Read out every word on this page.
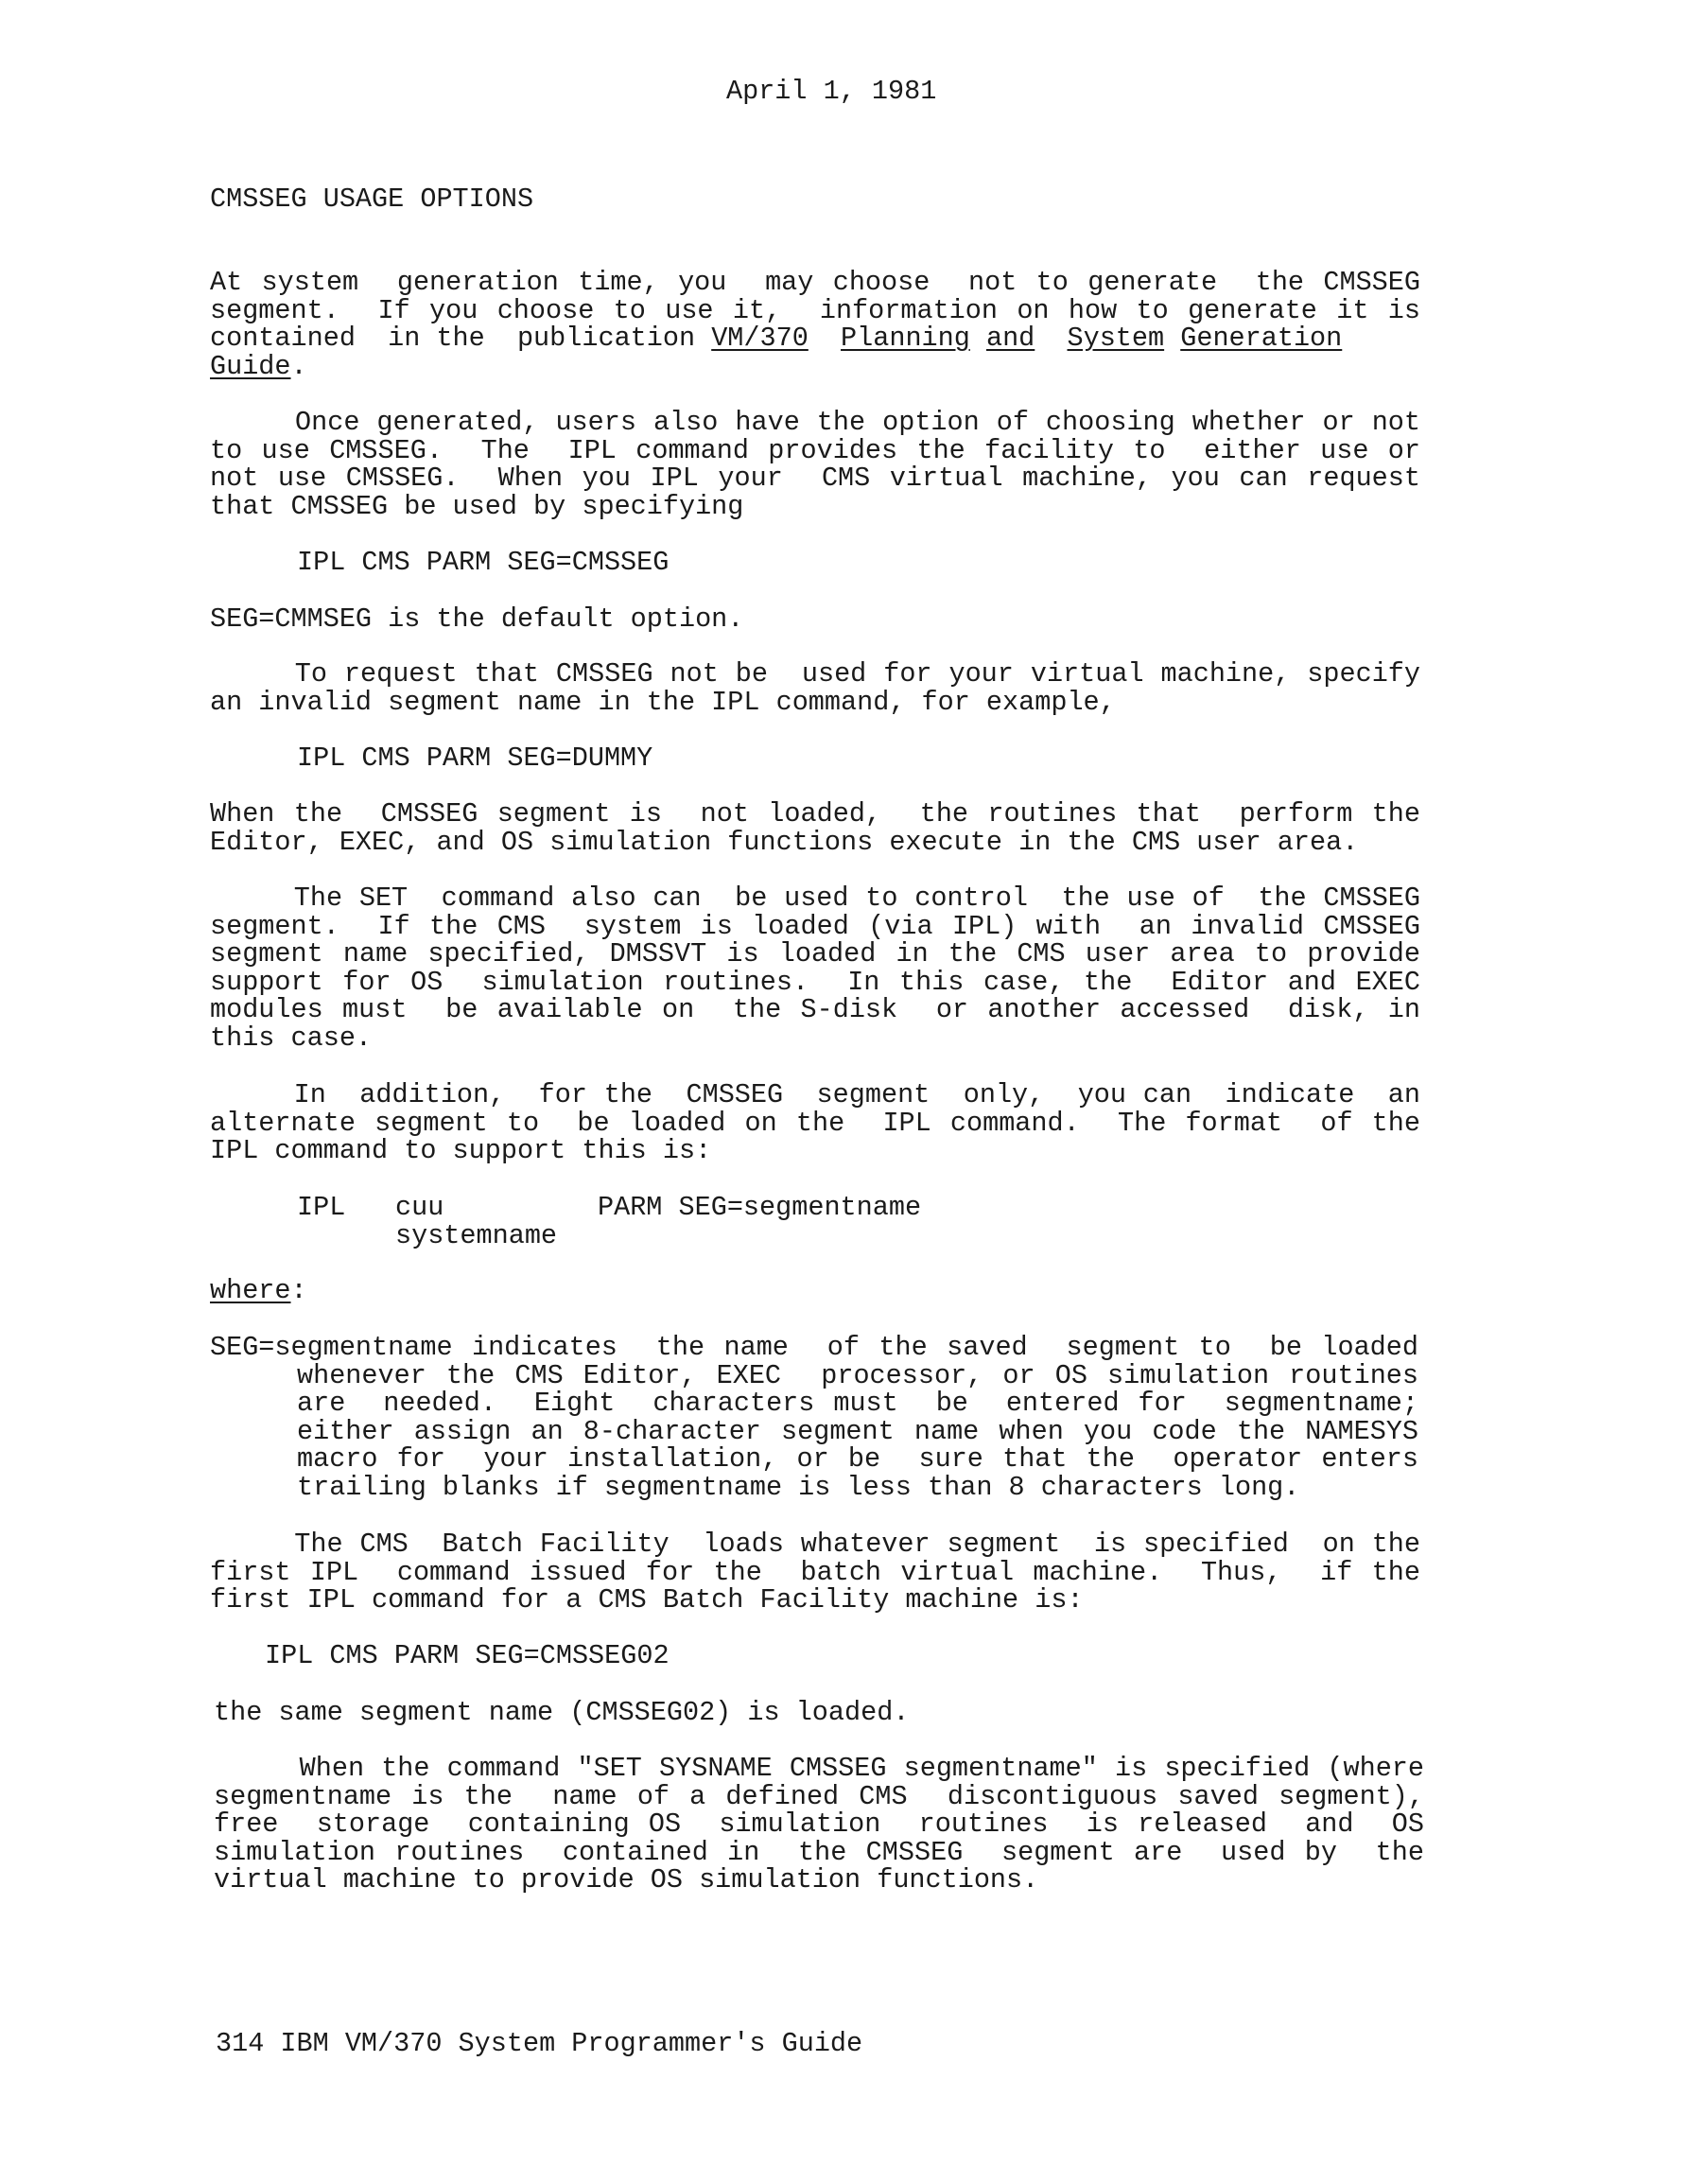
April 1, 1981
CMSSEG USAGE OPTIONS
At system  generation time, you  may choose  not to generate  the CMSSEG
segment.  If you choose to use it,  information on how to generate it is
contained  in the  publication VM/370 Planning and System Generation
Guide.
Once generated, users also have the option of choosing whether or not
to use CMSSEG.  The  IPL command provides the facility to  either use or
not use CMSSEG.  When you IPL your  CMS virtual machine, you can request
that CMSSEG be used by specifying
IPL CMS PARM SEG=CMSSEG
SEG=CMMSEG is the default option.
To request that CMSSEG not be  used for your virtual machine, specify
an invalid segment name in the IPL command, for example,
IPL CMS PARM SEG=DUMMY
When the  CMSSEG segment is  not loaded,  the routines that  perform the
Editor, EXEC, and OS simulation functions execute in the CMS user area.
The SET  command also can  be used to control  the use of  the CMSSEG
segment.  If the CMS  system is loaded (via IPL) with  an invalid CMSSEG
segment name specified, DMSSVT is loaded in the CMS user area to provide
support for OS  simulation routines.  In this case, the  Editor and EXEC
modules must  be available on  the S-disk  or another accessed  disk, in
this case.
In  addition,  for the  CMSSEG  segment  only,  you can  indicate  an
alternate segment to  be loaded on the  IPL command.  The format  of the
IPL command to support this is:
IPL cuu
systemname
PARM SEG=segmentname
where:
SEG=segmentname indicates  the name  of the saved  segment to  be loaded
whenever the CMS Editor, EXEC  processor, or OS simulation routines
are  needed.  Eight  characters must  be  entered for  segmentname;
either assign an 8-character segment name when you code the NAMESYS
macro for  your installation, or be  sure that the  operator enters
trailing blanks if segmentname is less than 8 characters long.
The CMS  Batch Facility  loads whatever segment  is specified  on the
first IPL  command issued for the  batch virtual machine.  Thus,  if the
first IPL command for a CMS Batch Facility machine is:
IPL CMS PARM SEG=CMSSEG02
the same segment name (CMSSEG02) is loaded.
When the command "SET SYSNAME CMSSEG segmentname" is specified (where
segmentname is the  name of a defined CMS  discontiguous saved segment),
free  storage  containing OS  simulation  routines  is released  and  OS
simulation routines  contained in  the CMSSEG  segment are  used by  the
virtual machine to provide OS simulation functions.
314 IBM VM/370 System Programmer's Guide
